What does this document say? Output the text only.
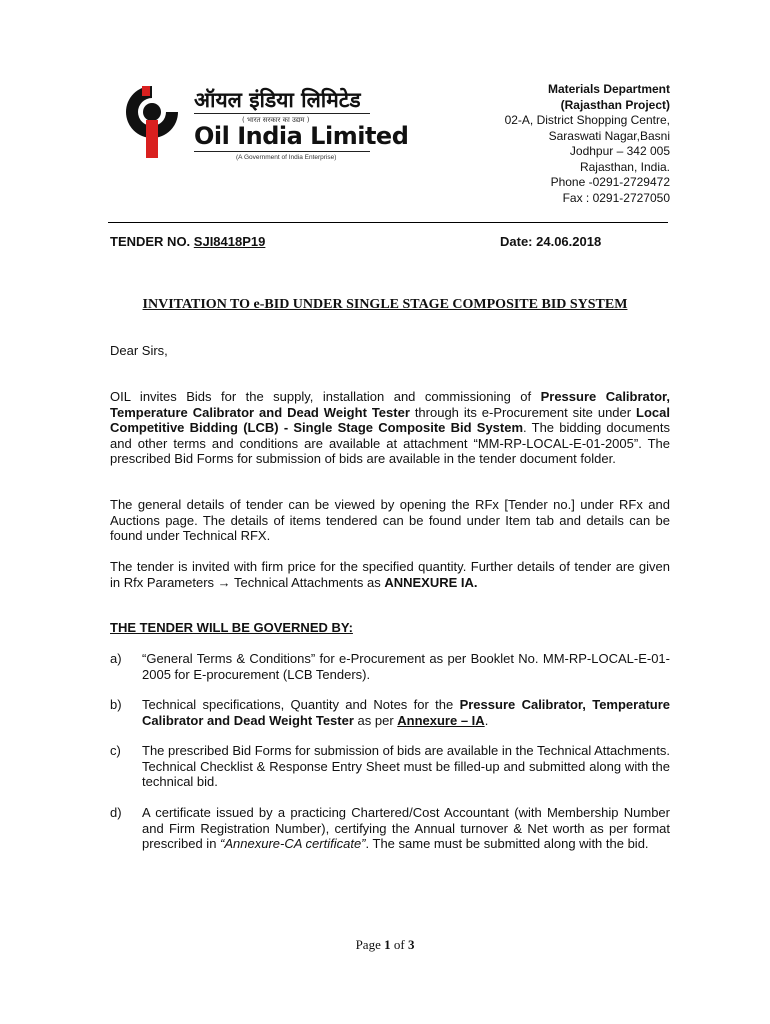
ऑयल इंडिया लिमिटेड
( भारत सरकार का उद्यम )
Oil India Limited
(A Government of India Enterprise)
Materials Department
(Rajasthan Project)
02-A, District Shopping Centre,
Saraswati Nagar,Basni
Jodhpur – 342 005
Rajasthan, India.
Phone -0291-2729472
Fax : 0291-2727050
TENDER NO. SJI8418P19	Date: 24.06.2018
INVITATION TO e-BID UNDER SINGLE STAGE COMPOSITE BID SYSTEM
Dear Sirs,
OIL invites Bids for the supply, installation and commissioning of Pressure Calibrator, Temperature Calibrator and Dead Weight Tester through its e-Procurement site under Local Competitive Bidding (LCB) - Single Stage Composite Bid System. The bidding documents and other terms and conditions are available at attachment “MM-RP-LOCAL-E-01-2005”. The prescribed Bid Forms for submission of bids are available in the tender document folder.
The general details of tender can be viewed by opening the RFx [Tender no.] under RFx and Auctions page. The details of items tendered can be found under Item tab and details can be found under Technical RFX.
The tender is invited with firm price for the specified quantity. Further details of tender are given in Rfx Parameters → Technical Attachments as ANNEXURE IA.
THE TENDER WILL BE GOVERNED BY:
a) “General Terms & Conditions” for e-Procurement as per Booklet No. MM-RP-LOCAL-E-01-2005 for E-procurement (LCB Tenders).
b) Technical specifications, Quantity and Notes for the Pressure Calibrator, Temperature Calibrator and Dead Weight Tester as per Annexure – IA.
c) The prescribed Bid Forms for submission of bids are available in the Technical Attachments. Technical Checklist & Response Entry Sheet must be filled-up and submitted along with the technical bid.
d) A certificate issued by a practicing Chartered/Cost Accountant (with Membership Number and Firm Registration Number), certifying the Annual turnover & Net worth as per format prescribed in “Annexure-CA certificate”. The same must be submitted along with the bid.
Page 1 of 3
